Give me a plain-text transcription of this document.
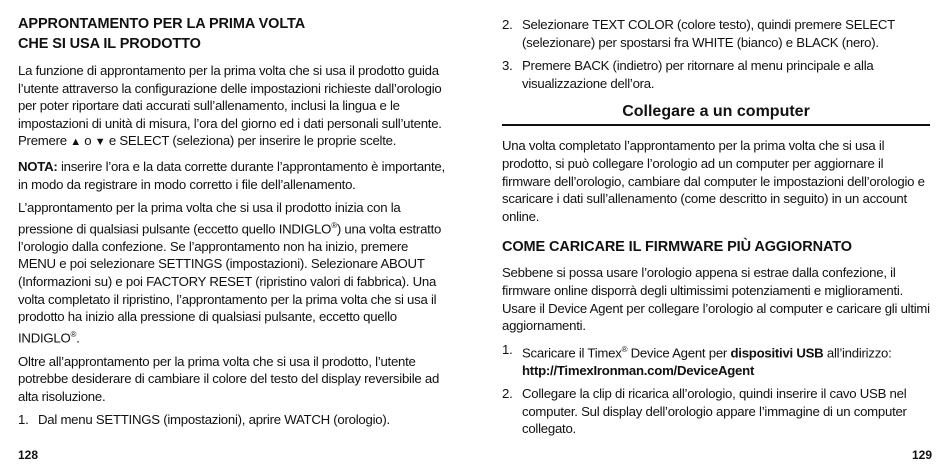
APPRONTAMENTO PER LA PRIMA VOLTA
CHE SI USA IL PRODOTTO

La funzione di approntamento per la prima volta che si usa il prodotto guida l’utente attraverso la configurazione delle impostazioni richieste dall’orologio per poter riportare dati accurati sull’allenamento, inclusi la lingua e le impostazioni di unità di misura, l’ora del giorno ed i dati personali sull’utente. Premere ▲ o ▼ e SELECT (seleziona) per inserire le proprie scelte.

NOTA: inserire l’ora e la data corrette durante l’approntamento è importante, in modo da registrare in modo corretto i file dell’allenamento.

L’approntamento per la prima volta che si usa il prodotto inizia con la pressione di qualsiasi pulsante (eccetto quello INDIGLO®) una volta estratto l’orologio dalla confezione. Se l’approntamento non ha inizio, premere MENU e poi selezionare SETTINGS (impostazioni). Selezionare ABOUT (Informazioni su) e poi FACTORY RESET (ripristino valori di fabbrica). Una volta completato il ripristino, l’approntamento per la prima volta che si usa il prodotto ha inizio alla pressione di qualsiasi pulsante, eccetto quello INDIGLO®.

Oltre all’approntamento per la prima volta che si usa il prodotto, l’utente potrebbe desiderare di cambiare il colore del testo del display reversibile ad alta risoluzione.

1. Dal menu SETTINGS (impostazioni), aprire WATCH (orologio).
128
2. Selezionare TEXT COLOR (colore testo), quindi premere SELECT (selezionare) per spostarsi fra WHITE (bianco) e BLACK (nero).
3. Premere BACK (indietro) per ritornare al menu principale e alla visualizzazione dell’ora.
Collegare a un computer

Una volta completato l’approntamento per la prima volta che si usa il prodotto, si può collegare l’orologio ad un computer per aggiornare il firmware dell’orologio, cambiare dal computer le impostazioni dell’orologio e scaricare i dati sull’allenamento (come descritto in seguito) in un account online.

COME CARICARE IL FIRMWARE PIÙ AGGIORNATO

Sebbene si possa usare l’orologio appena si estrae dalla confezione, il firmware online disporrà degli ultimissimi potenziamenti e miglioramenti. Usare il Device Agent per collegare l’orologio al computer e caricare gli ultimi aggiornamenti.

1. Scaricare il Timex® Device Agent per dispositivi USB all’indirizzo:
http://TimexIronman.com/DeviceAgent
2. Collegare la clip di ricarica all’orologio, quindi inserire il cavo USB nel computer. Sul display dell’orologio appare l’immagine di un computer collegato.
129
